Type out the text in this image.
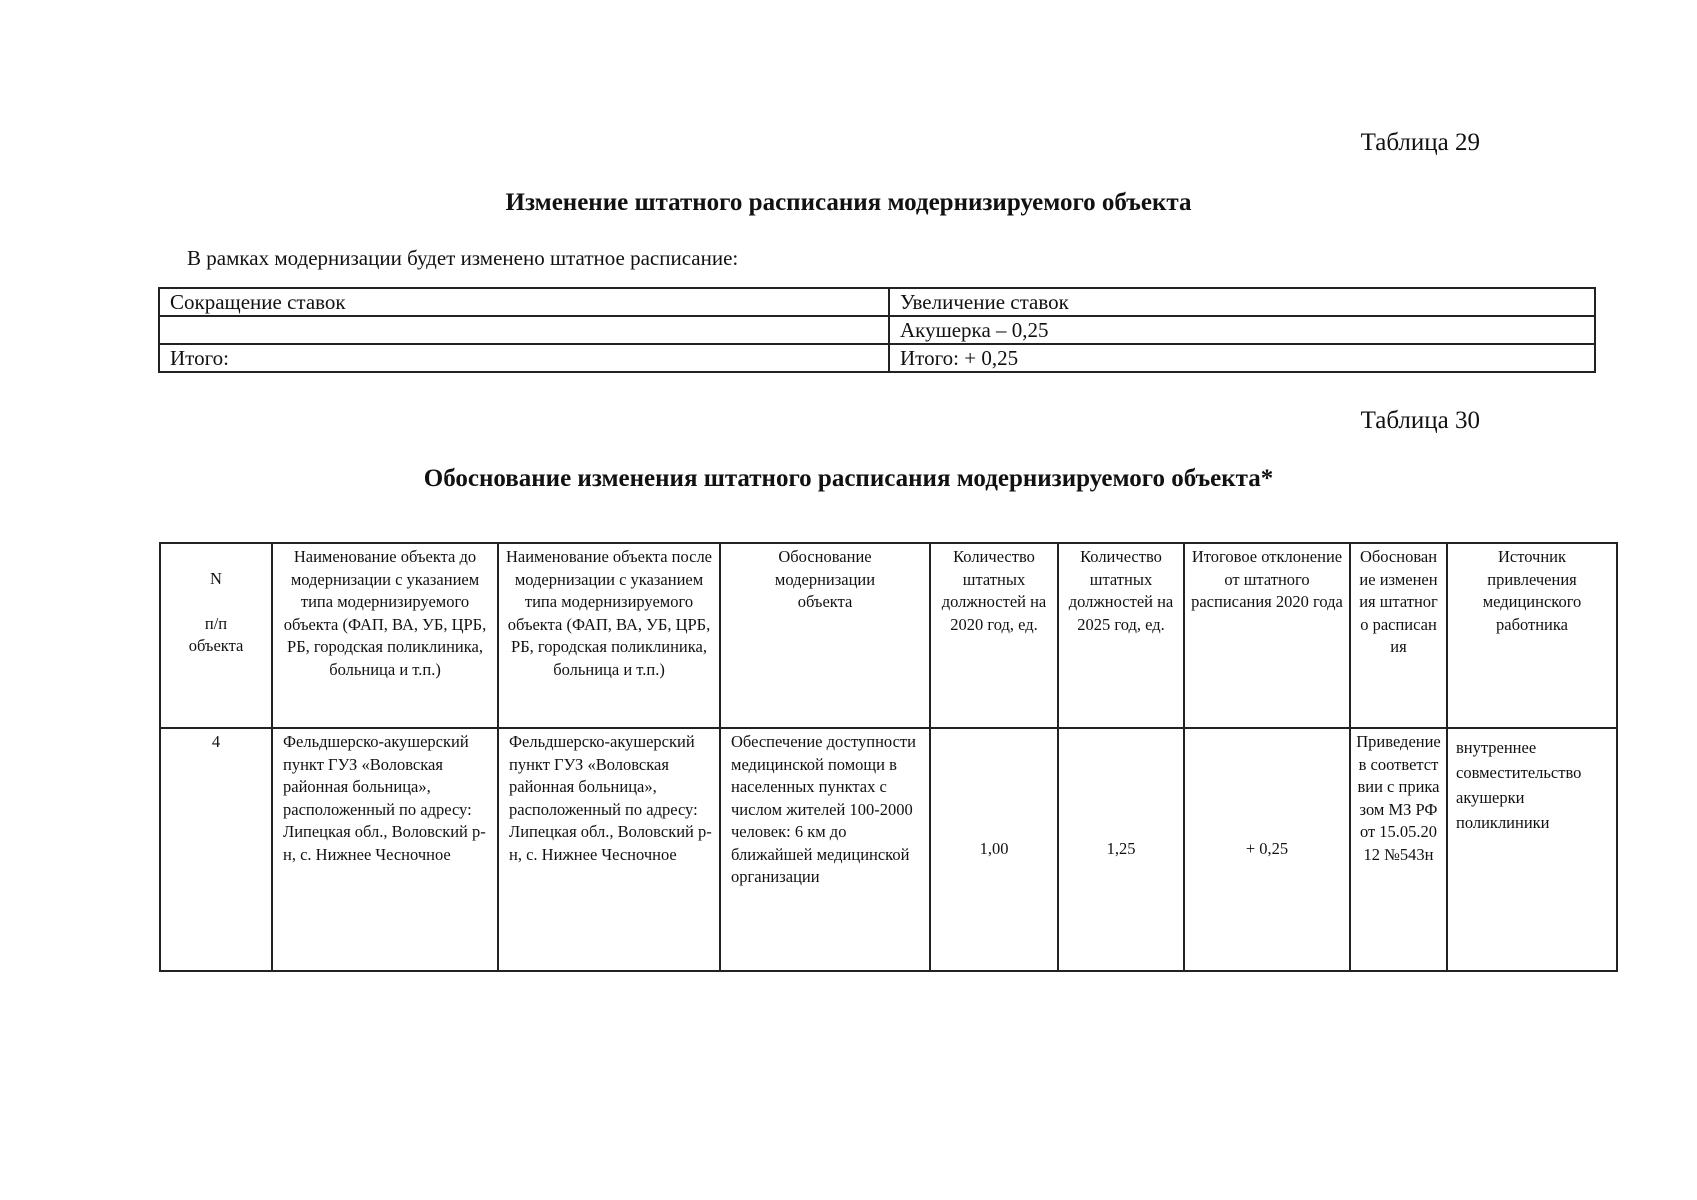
Таблица 29
Изменение штатного расписания модернизируемого объекта
В рамках модернизации будет изменено штатное расписание:
Сокращение ставок	Увеличение ставок
	Акушерка – 0,25
Итого:	Итого: + 0,25
Таблица 30
Обоснование изменения штатного расписания модернизируемого объекта*
N
п/п
объекта	Наименование объекта до модернизации с указанием типа модернизируемого объекта (ФАП, ВА, УБ, ЦРБ, РБ, городская поликлиника, больница и т.п.)	Наименование объекта после модернизации с указанием типа модернизируемого объекта (ФАП, ВА, УБ, ЦРБ, РБ, городская поликлиника, больница и т.п.)	Обоснование модернизации объекта	Количество штатных должностей на 2020 год, ед.	Количество штатных должностей на 2025 год, ед.	Итоговое отклонение от штатного расписания 2020 года	Обоснование изменения штатного расписания	Источник привлечения медицинского работника
4	Фельдшерско-акушерский пункт ГУЗ «Воловская районная больница», расположенный по адресу: Липецкая обл., Воловский р-н, с. Нижнее Чесночное	Фельдшерско-акушерский пункт ГУЗ «Воловская районная больница», расположенный по адресу: Липецкая обл., Воловский р-н, с. Нижнее Чесночное	Обеспечение доступности медицинской помощи в населенных пунктах с числом жителей 100-2000 человек: 6 км до ближайшей медицинской организации	1,00	1,25	+ 0,25	Приведение в соответствии с приказом МЗ РФ от 15.05.2012 №543н	внутреннее совместительство акушерки поликлиники
